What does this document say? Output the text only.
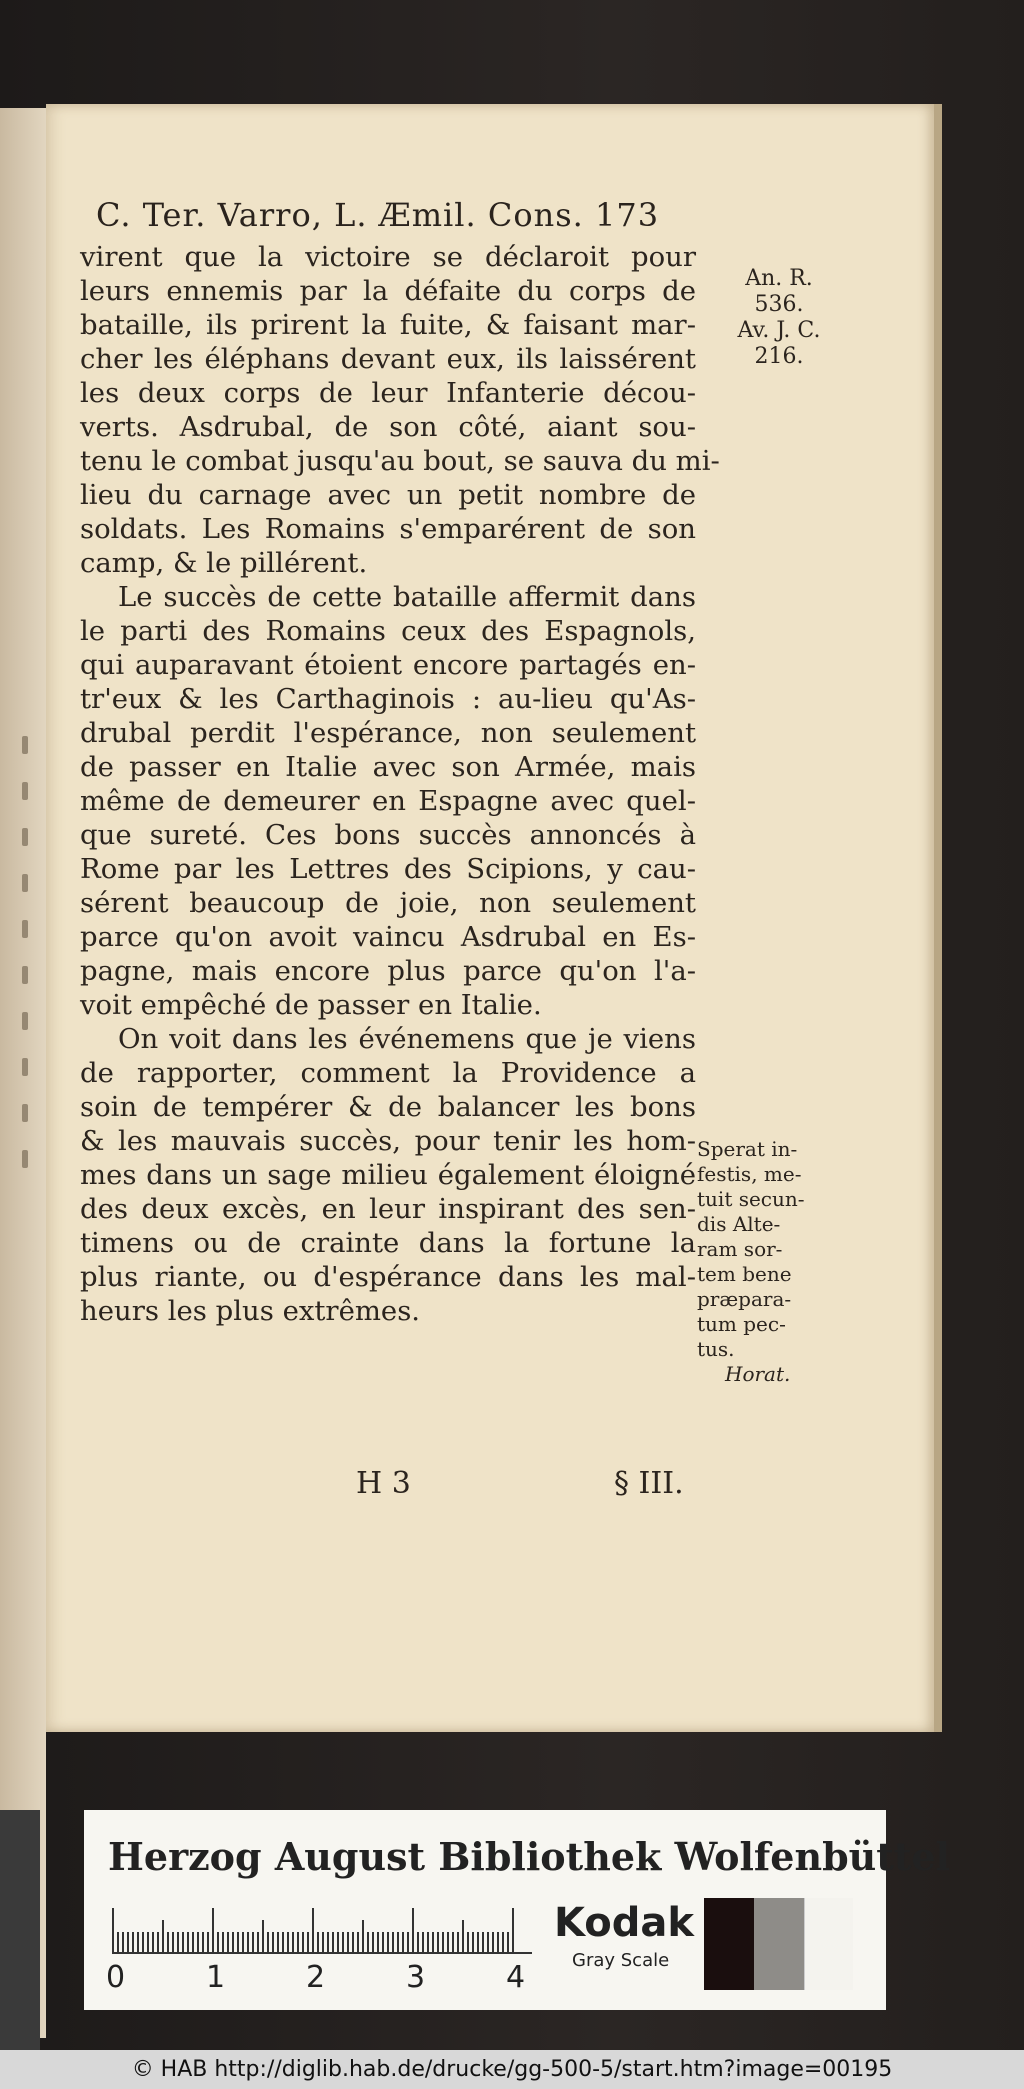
C. Ter. Varro, L. Æmil. Cons. 173
virent que la victoire se déclaroit pour
leurs ennemis par la défaite du corps de
bataille, ils prirent la fuite, & faisant mar-
cher les éléphans devant eux, ils laissérent
les deux corps de leur Infanterie décou-
verts. Asdrubal, de son côté, aiant sou-
tenu le combat jusqu'au bout, se sauva du mi-
lieu du carnage avec un petit nombre de
soldats. Les Romains s'emparérent de son
camp, & le pillérent.
Le succès de cette bataille affermit dans
le parti des Romains ceux des Espagnols,
qui auparavant étoient encore partagés en-
tr'eux & les Carthaginois : au-lieu qu'As-
drubal perdit l'espérance, non seulement
de passer en Italie avec son Armée, mais
même de demeurer en Espagne avec quel-
que sureté. Ces bons succès annoncés à
Rome par les Lettres des Scipions, y cau-
sérent beaucoup de joie, non seulement
parce qu'on avoit vaincu Asdrubal en Es-
pagne, mais encore plus parce qu'on l'a-
voit empêché de passer en Italie.
On voit dans les événemens que je viens
de rapporter, comment la Providence a
soin de tempérer & de balancer les bons
& les mauvais succès, pour tenir les hom-
mes dans un sage milieu également éloigné
des deux excès, en leur inspirant des sen-
timens ou de crainte dans la fortune la
plus riante, ou d'espérance dans les mal-
heurs les plus extrêmes.
An. R.
536.
Av. J. C.
216.

Sperat in-
festis, me-
tuit secun-
dis Alte-
ram sor-
tem bene
præpara-
tum pec-
tus.

Horat.

H 3	§ III.
Herzog August Bibliothek Wolfenbüttel
0	1	2	3	4
Kodak
Gray Scale
© HAB http://diglib.hab.de/drucke/gg-500-5/start.htm?image=00195
